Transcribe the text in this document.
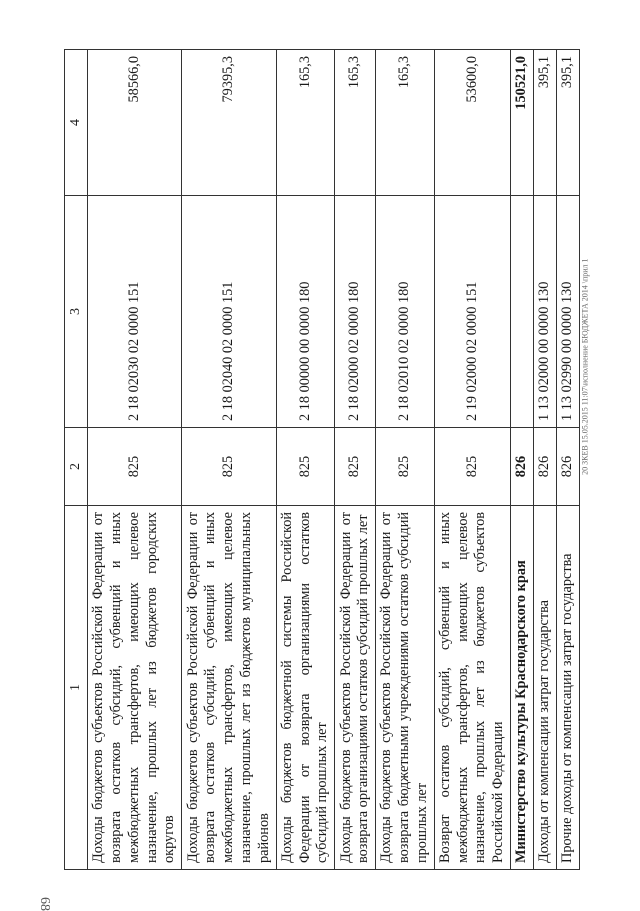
1	2	3	4
Доходы бюджетов субъектов Российской Федерации от возврата остатков субсидий, субвенций и иных межбюджетных трансфертов, имеющих целевое назначение, прошлых лет из бюджетов городских округов	825	2 18 02030 02 0000 151	58566,0
Доходы бюджетов субъектов Российской Федерации от возврата остатков субсидий, субвенций и иных межбюджетных трансфертов, имеющих целевое назначение, прошлых лет из бюджетов муниципальных районов	825	2 18 02040 02 0000 151	79395,3
Доходы бюджетов бюджетной системы Российской Федерации от возврата организациями остатков субсидий прошлых лет	825	2 18 00000 00 0000 180	165,3
Доходы бюджетов субъектов Российской Федерации от возврата организациями остатков субсидий прошлых лет	825	2 18 02000 02 0000 180	165,3
Доходы бюджетов субъектов Российской Федерации от возврата бюджетными учреждениями остатков субсидий прошлых лет	825	2 18 02010 02 0000 180	165,3
Возврат остатков субсидий, субвенций и иных межбюджетных трансфертов, имеющих целевое назначение, прошлых лет из бюджетов субъектов Российской Федерации	825	2 19 02000 02 0000 151	53600,0
Министерство культуры Краснодарского края	826		150521,0
Доходы от компенсации затрат государства	826	1 13 02000 00 0000 130	395,1
Прочие доходы от компенсации затрат государства	826	1 13 02990 00 0000 130	395,1
20 ЗКЕВ 15.05.2015 11:07\исполнение БЮДЖЕТА 2014 \прил 1
68
